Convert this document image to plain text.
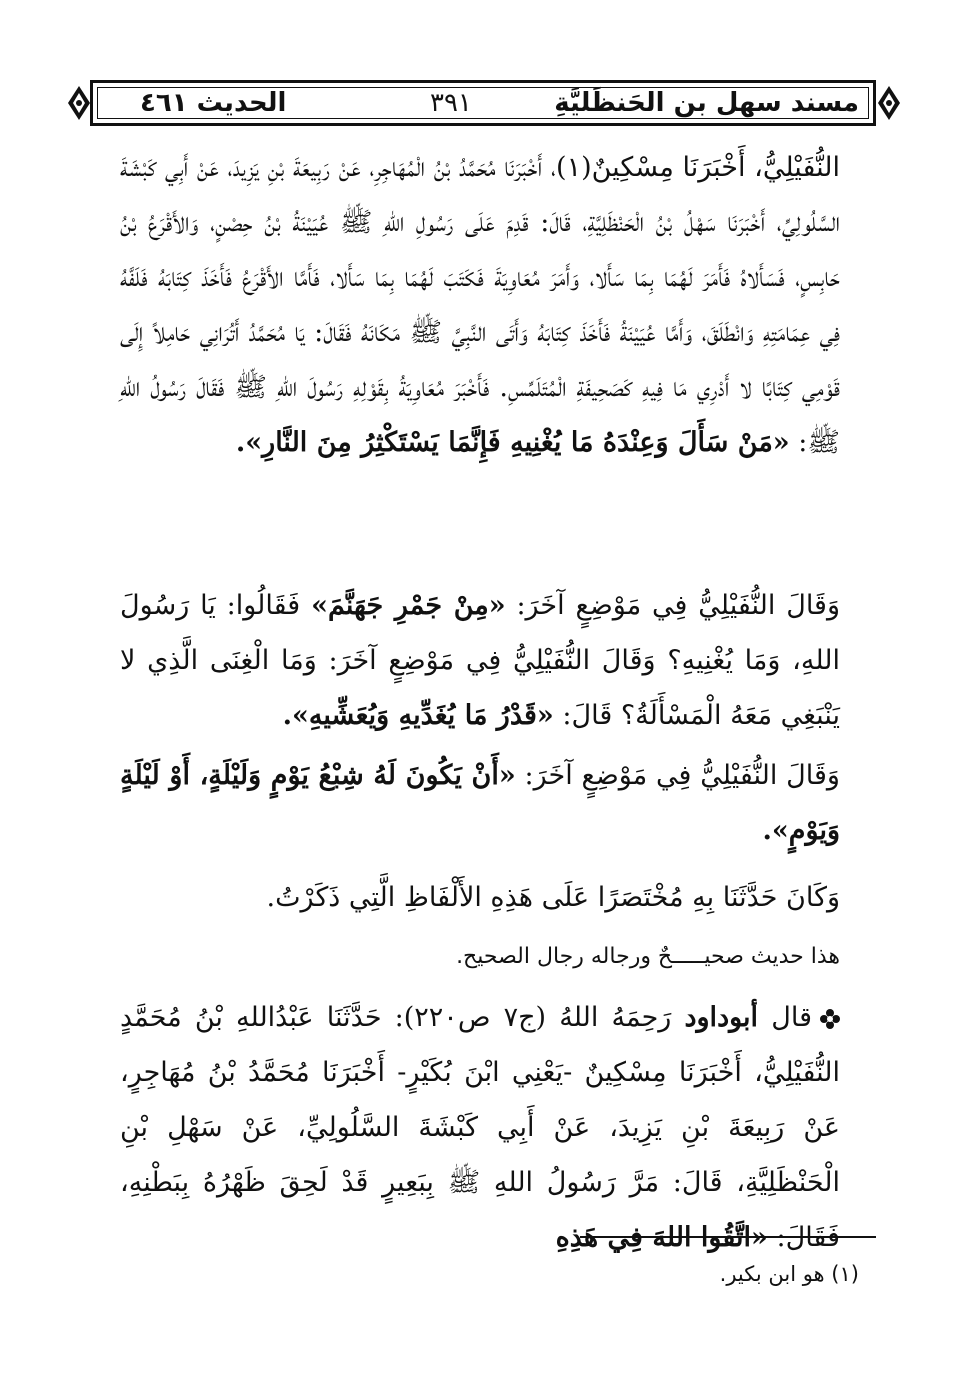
مسند سهل بن الحَنظَليَّةِ
٣٩١
الحديث ٤٦١

النُّفَيْلِيُّ، أَخْبَرَنَا مِسْكِينٌ(١)، أَخْبَرَنَا مُحَمَّدُ بْنُ الْمُهَاجِرِ، عَنْ رَبِيعَةَ بْنِ يَزِيدَ، عَنْ أَبِي كَبْشَةَ السَّلُولِيِّ، أَخْبَرَنَا سَهْلُ بْنُ الْحَنْظَلِيَّةِ، قَالَ: قَدِمَ عَلَى رَسُولِ اللهِ ﷺ عُيَيْنَةُ بْنُ حِصْنٍ، وَالأَقْرَعُ بْنُ حَابِسٍ، فَسَأَلاهُ فَأَمَرَ لَهُمَا بِمَا سَأَلا، وَأَمَرَ مُعَاوِيَةَ فَكَتَبَ لَهُمَا بِمَا سَأَلا، فَأَمَّا الأَقْرَعُ فَأَخَذَ كِتَابَهُ فَلَفَّهُ فِي عِمَامَتِهِ وَانْطَلَقَ، وَأَمَّا عُيَيْنَةُ فَأَخَذَ كِتَابَهُ وَأَتَى النَّبِيَّ ﷺ مَكَانَهُ فَقَالَ: يَا مُحَمَّدُ أَتُرَانِي حَامِلاً إِلَى قَوْمِي كِتَابًا لا أَدْرِي مَا فِيهِ كَصَحِيفَةِ الْمُتَلَمِّسِ. فَأَخْبَرَ مُعَاوِيَةُ بِقَوْلِهِ رَسُولَ اللهِ ﷺ فَقَالَ رَسُولُ اللهِ ﷺ: «مَنْ سَأَلَ وَعِنْدَهُ مَا يُغْنِيهِ فَإِنَّمَا يَسْتَكْثِرُ مِنَ النَّارِ».

وَقَالَ النُّفَيْلِيُّ فِي مَوْضِعٍ آخَرَ: «مِنْ جَمْرِ جَهَنَّمَ» فَقَالُوا: يَا رَسُولَ اللهِ، وَمَا يُغْنِيهِ؟ وَقَالَ النُّفَيْلِيُّ فِي مَوْضِعٍ آخَرَ: وَمَا الْغِنَى الَّذِي لا يَنْبَغِي مَعَهُ الْمَسْأَلَةُ؟ قَالَ: «قَدْرُ مَا يُغَدِّيهِ وَيُعَشِّيهِ».

وَقَالَ النُّفَيْلِيُّ فِي مَوْضِعٍ آخَرَ: «أَنْ يَكُونَ لَهُ شِبْعُ يَوْمٍ وَلَيْلَةٍ، أَوْ لَيْلَةٍ وَيَوْمٍ».

وَكَانَ حَدَّثَنَا بِهِ مُخْتَصَرًا عَلَى هَذِهِ الأَلْفَاظِ الَّتِي ذَكَرْتُ.

هذا حديث صحيـــــحٌ ورجاله رجال الصحيح.

قال أبوداود رَحِمَهُ اللهُ (ج٧ ص٢٢٠): حَدَّثَنَا عَبْدُاللهِ بْنُ مُحَمَّدٍ النُّفَيْلِيُّ، أَخْبَرَنَا مِسْكِينٌ -يَعْنِي ابْنَ بُكَيْرٍ- أَخْبَرَنَا مُحَمَّدُ بْنُ مُهَاجِرٍ، عَنْ رَبِيعَةَ بْنِ يَزِيدَ، عَنْ أَبِي كَبْشَةَ السَّلُولِيِّ، عَنْ سَهْلِ بْنِ الْحَنْظَلِيَّةِ، قَالَ: مَرَّ رَسُولُ اللهِ ﷺ بِبَعِيرٍ قَدْ لَحِقَ ظَهْرُهُ بِبَطْنِهِ، فَقَالَ: «اتَّقُوا اللهَ فِي هَذِهِ

(١) هو ابن بكير.
